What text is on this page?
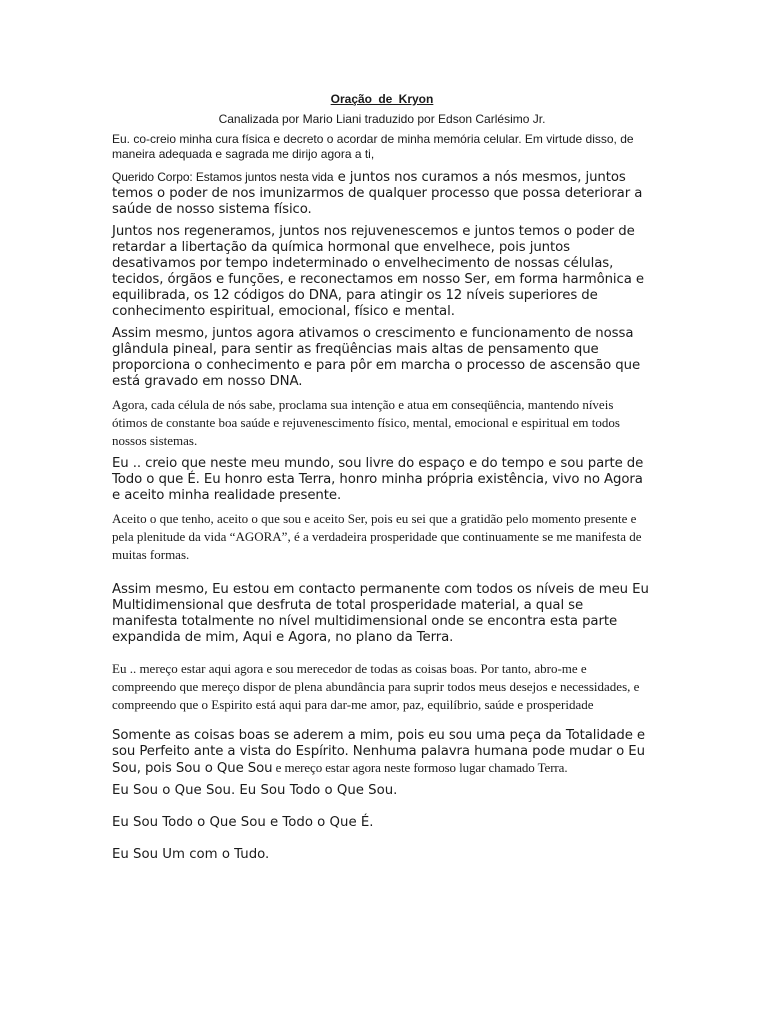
Oração de Kryon
Canalizada por Mario Liani traduzido por Edson Carlésimo Jr.

Eu. co-creio minha cura física e decreto o acordar de minha memória celular. Em virtude disso, de maneira adequada e sagrada me dirijo agora a ti,

Querido Corpo: Estamos juntos nesta vida e juntos nos curamos a nós mesmos, juntos temos o poder de nos imunizarmos de qualquer processo que possa deteriorar a saúde de nosso sistema físico.

Juntos nos regeneramos, juntos nos rejuvenescemos e juntos temos o poder de retardar a libertação da química hormonal que envelhece, pois juntos desativamos por tempo indeterminado o envelhecimento de nossas células, tecidos, órgãos e funções, e reconectamos em nosso Ser, em forma harmônica e equilibrada, os 12 códigos do DNA, para atingir os 12 níveis superiores de conhecimento espiritual, emocional, físico e mental.

Assim mesmo, juntos agora ativamos o crescimento e funcionamento de nossa glândula pineal, para sentir as freqüências mais altas de pensamento que proporciona o conhecimento e para pôr em marcha o processo de ascensão que está gravado em nosso DNA.

Agora, cada célula de nós sabe, proclama sua intenção e atua em conseqüência, mantendo níveis ótimos de constante boa saúde e rejuvenescimento físico, mental, emocional e espiritual em todos nossos sistemas.

Eu .. creio que neste meu mundo, sou livre do espaço e do tempo e sou parte de Todo o que É. Eu honro esta Terra, honro minha própria existência, vivo no Agora e aceito minha realidade presente.

Aceito o que tenho, aceito o que sou e aceito Ser, pois eu sei que a gratidão pelo momento presente e pela plenitude da vida “AGORA”, é a verdadeira prosperidade que continuamente se me manifesta de muitas formas.

Assim mesmo, Eu estou em contacto permanente com todos os níveis de meu Eu Multidimensional que desfruta de total prosperidade material, a qual se manifesta totalmente no nível multidimensional onde se encontra esta parte expandida de mim, Aqui e Agora, no plano da Terra.

Eu .. mereço estar aqui agora e sou merecedor de todas as coisas boas. Por tanto, abro-me e compreendo que mereço dispor de plena abundância para suprir todos meus desejos e necessidades, e compreendo que o Espirito está aqui para dar-me amor, paz, equilíbrio, saúde e prosperidade

Somente as coisas boas se aderem a mim, pois eu sou uma peça da Totalidade e sou Perfeito ante a vista do Espírito. Nenhuma palavra humana pode mudar o Eu Sou, pois Sou o Que Sou e mereço estar agora neste formoso lugar chamado Terra.

Eu Sou o Que Sou. Eu Sou Todo o Que Sou.

Eu Sou Todo o Que Sou e Todo o Que É.

Eu Sou Um com o Tudo.
